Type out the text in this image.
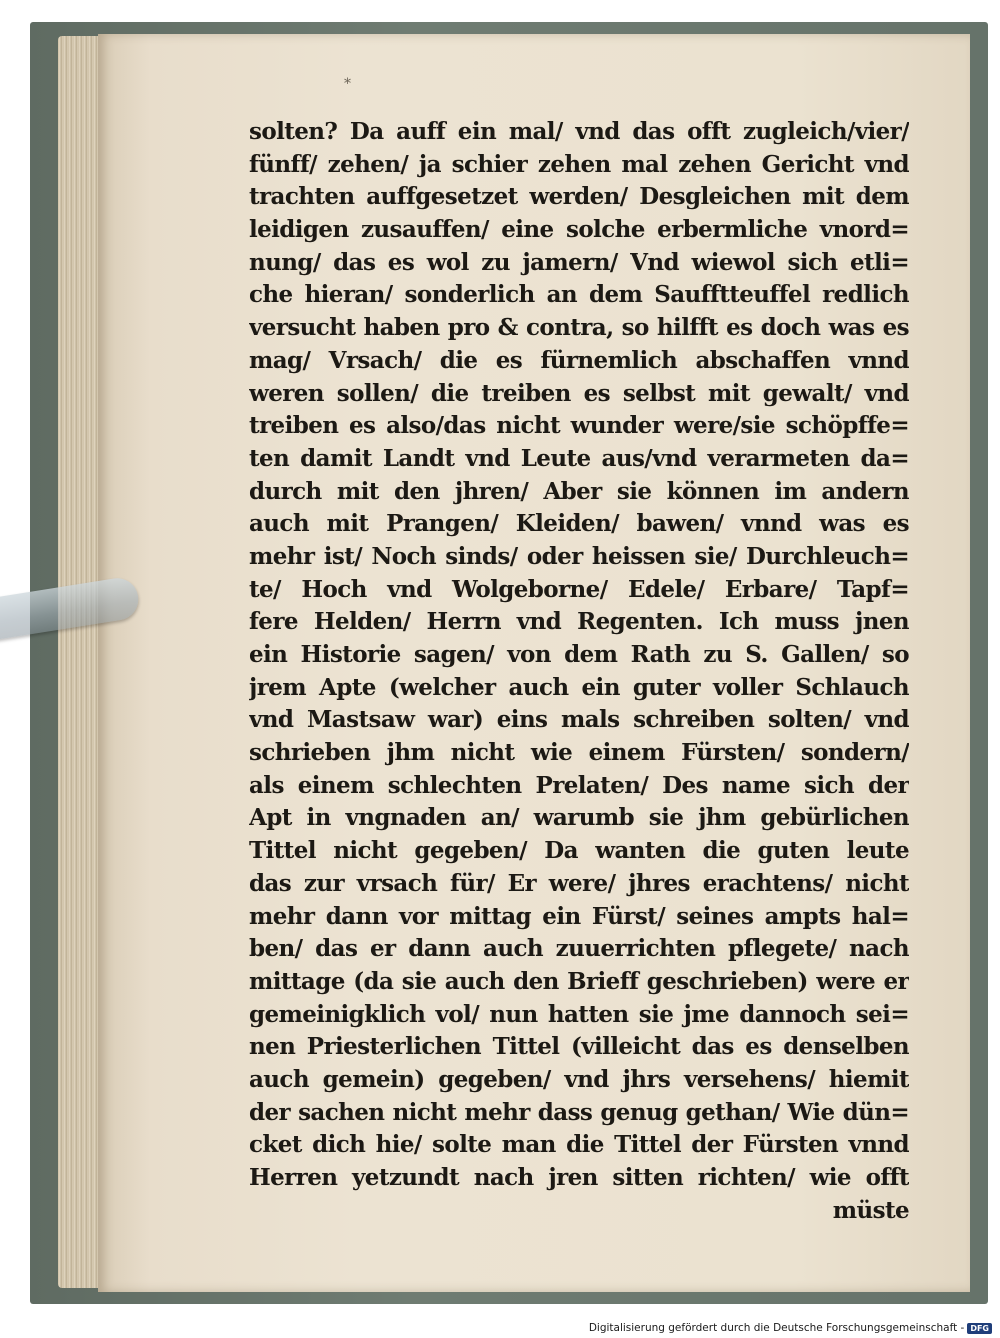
*
solten? Da auff ein mal/ vnd das offt zugleich/vier/
fünff/ zehen/ ja schier zehen mal zehen Gericht vnd
trachten auffgesetzet werden/ Desgleichen mit dem
leidigen zusauffen/ eine solche erbermliche vnord=
nung/ das es wol zu jamern/ Vnd wiewol sich etli=
che hieran/ sonderlich an dem Saufftteuffel redlich
versucht haben pro & contra, so hilfft es doch was es
mag/ Vrsach/ die es fürnemlich abschaffen vnnd
weren sollen/ die treiben es selbst mit gewalt/ vnd
treiben es also/das nicht wunder were/sie schöpffe=
ten damit Landt vnd Leute aus/vnd verarmeten da=
durch mit den jhren/ Aber sie können im andern
auch mit Prangen/ Kleiden/ bawen/ vnnd was es
mehr ist/ Noch sinds/ oder heissen sie/ Durchleuch=
te/ Hoch vnd Wolgeborne/ Edele/ Erbare/ Tapf=
fere Helden/ Herrn vnd Regenten. Ich muss jnen
ein Historie sagen/ von dem Rath zu S. Gallen/ so
jrem Apte (welcher auch ein guter voller Schlauch
vnd Mastsaw war) eins mals schreiben solten/ vnd
schrieben jhm nicht wie einem Fürsten/ sondern/
als einem schlechten Prelaten/ Des name sich der
Apt in vngnaden an/ warumb sie jhm gebürlichen
Tittel nicht gegeben/ Da wanten die guten leute
das zur vrsach für/ Er were/ jhres erachtens/ nicht
mehr dann vor mittag ein Fürst/ seines ampts hal=
ben/ das er dann auch zuuerrichten pflegete/ nach
mittage (da sie auch den Brieff geschrieben) were er
gemeinigklich vol/ nun hatten sie jme dannoch sei=
nen Priesterlichen Tittel (villeicht das es denselben
auch gemein) gegeben/ vnd jhrs versehens/ hiemit
der sachen nicht mehr dass genug gethan/ Wie dün=
cket dich hie/ solte man die Tittel der Fürsten vnnd
Herren yetzundt nach jren sitten richten/ wie offt
müste
Digitalisierung gefördert durch die Deutsche Forschungsgemeinschaft - DFG
